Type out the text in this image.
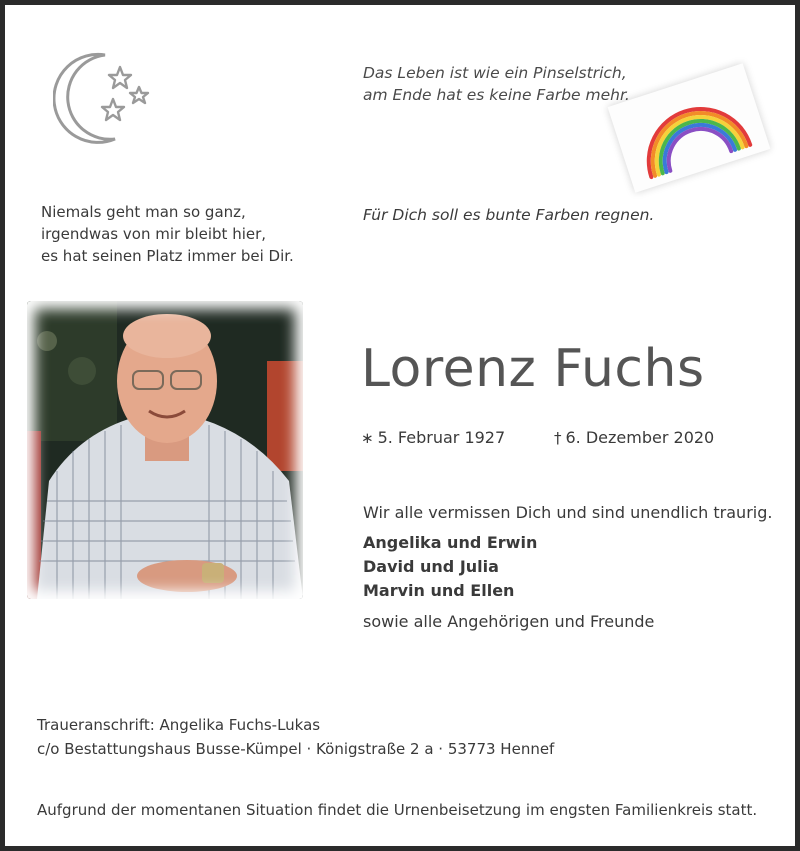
Das Leben ist wie ein Pinselstrich,
am Ende hat es keine Farbe mehr.
Niemals geht man so ganz,
irgendwas von mir bleibt hier,
es hat seinen Platz immer bei Dir.
Für Dich soll es bunte Farben regnen.
Lorenz Fuchs
∗ 5. Februar 1927	† 6. Dezember 2020
Wir alle vermissen Dich und sind unendlich traurig.
Angelika und Erwin
David und Julia
Marvin und Ellen
sowie alle Angehörigen und Freunde
Traueranschrift: Angelika Fuchs-Lukas
c/o Bestattungshaus Busse-Kümpel · Königstraße 2 a · 53773 Hennef
Aufgrund der momentanen Situation findet die Urnenbeisetzung im engsten Familienkreis statt.
